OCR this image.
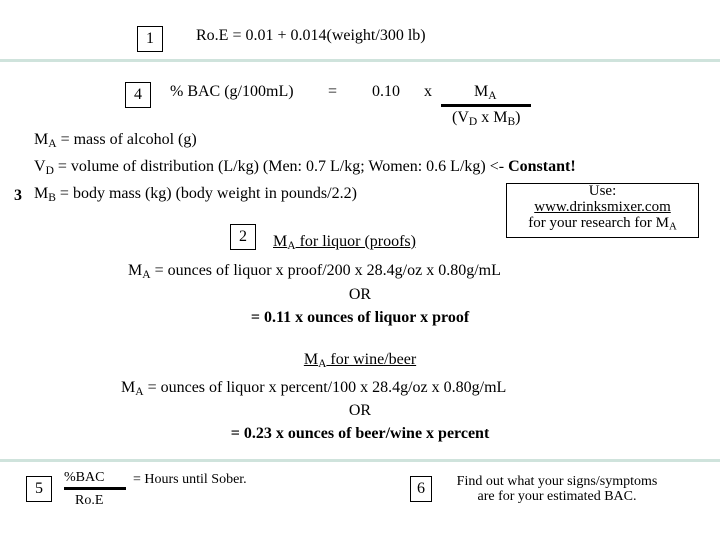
1	Ro.E = 0.01 + 0.014(weight/300 lb)
4	% BAC (g/100mL) = 0.10 x	$M_A$
($V_D$ x $M_B$)
$M_A$ = mass of alcohol (g)
$V_D$ = volume of distribution (L/kg) (Men: 0.7 L/kg; Women: 0.6 L/kg) <- Constant!
3 $M_B$ = body mass (kg) (body weight in pounds/2.2)	Use:
www.drinksmixer.com
for your research for $M_A$
2	$M_A$ for liquor (proofs)
$M_A$ = ounces of liquor x proof/200 x 28.4g/oz x 0.80g/mL
OR
= 0.11 x ounces of liquor x proof
$M_A$ for wine/beer
$M_A$ = ounces of liquor x percent/100 x 28.4g/oz x 0.80g/mL
OR
= 0.23 x ounces of beer/wine x percent
5
%BAC
Ro.E
= Hours until Sober.
6	Find out what your signs/symptoms
are for your estimated BAC.
